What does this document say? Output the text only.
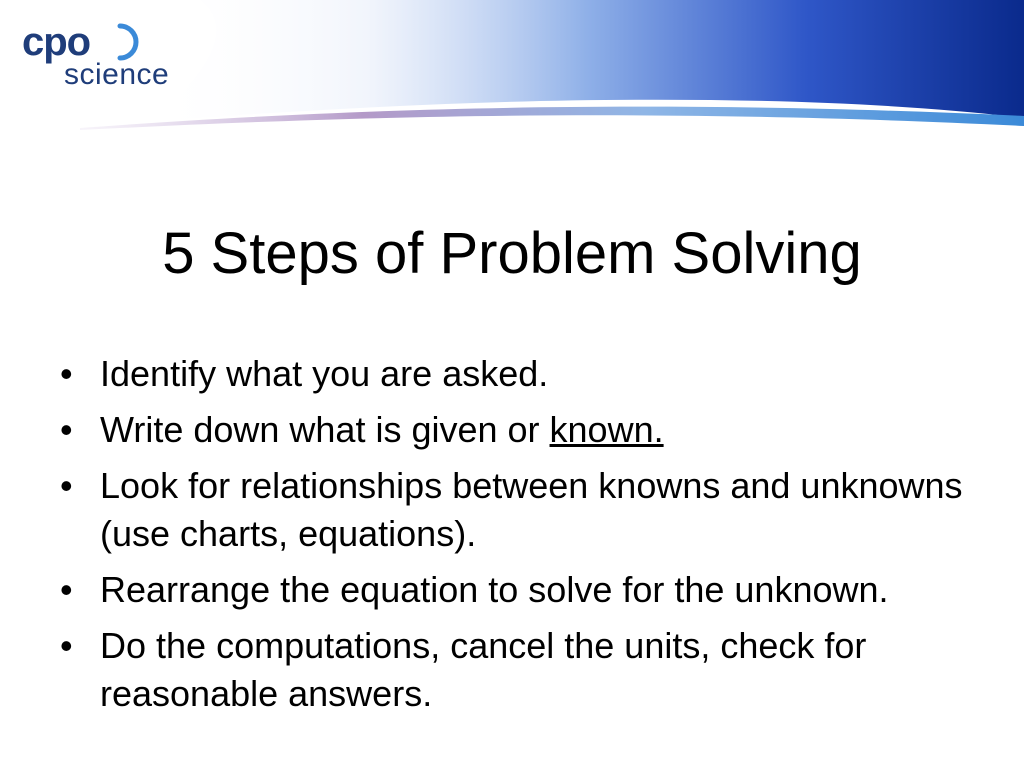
cpo
science
5 Steps of Problem Solving
• Identify what you are asked.
• Write down what is given or known.
• Look for relationships between knowns and unknowns (use charts, equations).
• Rearrange the equation to solve for the unknown.
• Do the computations, cancel the units, check for reasonable answers.
